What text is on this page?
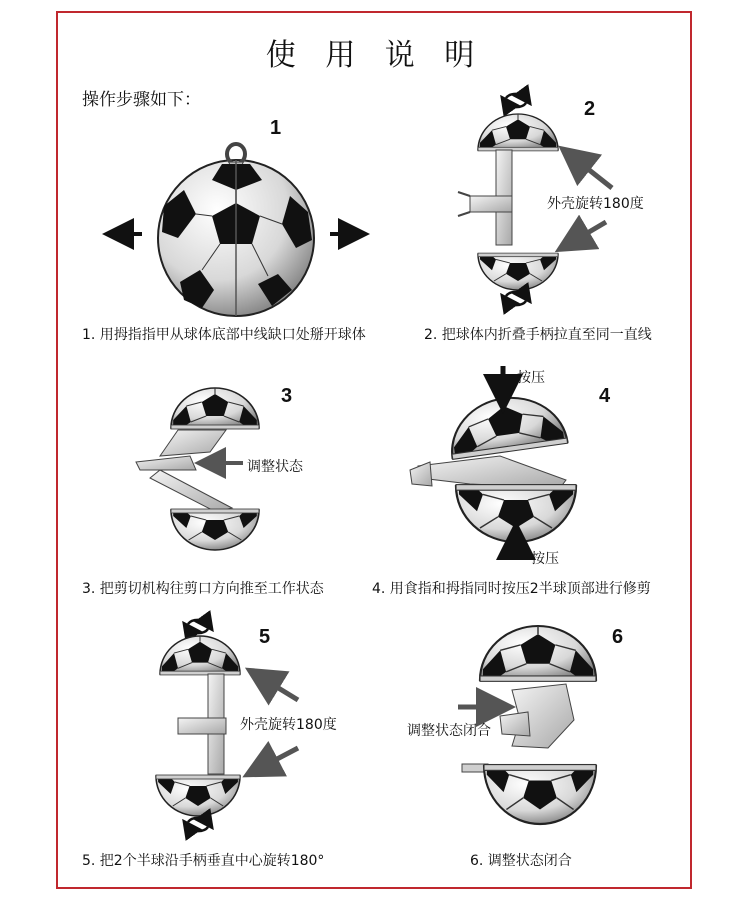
使 用 说 明
操作步骤如下：
1
2
3	4
5	6
外壳旋转180度
调整状态
按压
按压
外壳旋转180度	调整状态闭合
1. 用拇指指甲从球体底部中线缺口处掰开球体	2. 把球体内折叠手柄拉直至同一直线
3. 把剪切机构往剪口方向推至工作状态	4. 用食指和拇指同时按压2半球顶部进行修剪
5. 把2个半球沿手柄垂直中心旋转180°	6. 调整状态闭合
